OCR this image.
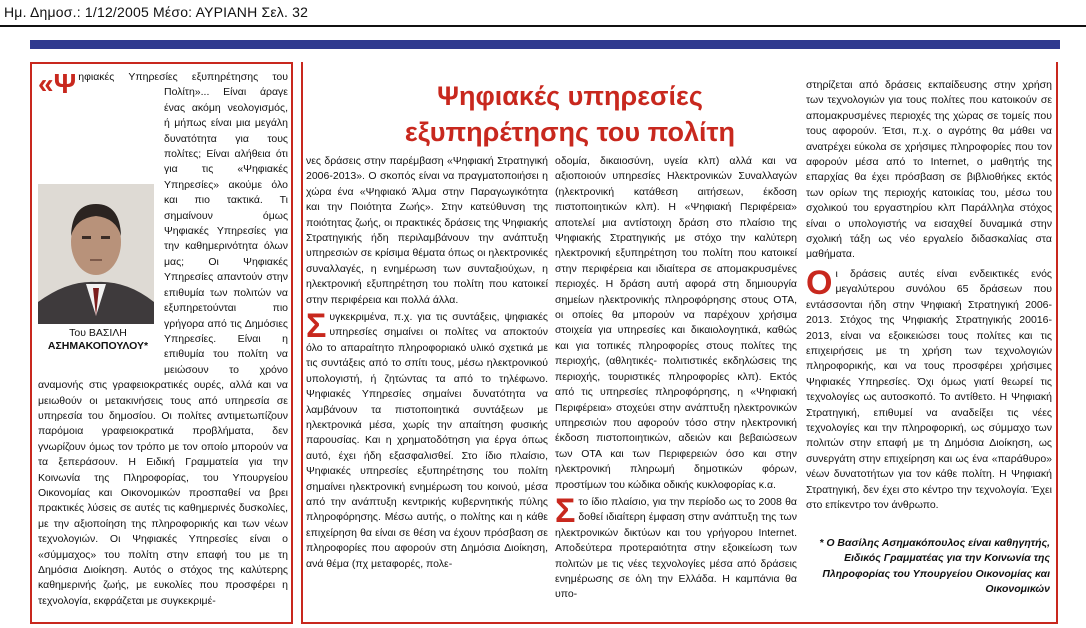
Ημ. Δημοσ.: 1/12/2005 Μέσο: ΑΥΡΙΑΝΗ Σελ. 32
«Ψ
Του ΒΑΣΙΛΗ
ΑΣΗΜΑΚΟΠΟΥΛΟΥ*

ηφιακές Υπηρεσίες εξυπηρέτησης του Πολίτη»... Είναι άραγε ένας ακόμη νεολογισμός, ή μήπως είναι μια μεγάλη δυνατότητα για τους πολίτες; Είναι αλήθεια ότι για τις «Ψηφιακές Υπηρεσίες» ακούμε όλο και πιο τακτικά. Τι σημαίνουν όμως Ψηφιακές Υπηρεσίες για την καθημερινότητα όλων μας; Οι Ψηφιακές Υπηρεσίες απαντούν στην επιθυμία των πολιτών να εξυπηρετούνται πιο γρήγορα από τις Δημόσιες Υπηρεσίες. Είναι η επιθυμία του πολίτη να μειώσουν το χρόνο αναμονής στις γραφειοκρατικές ουρές, αλλά και να μειωθούν οι μετακινήσεις τους από υπηρεσία σε υπηρεσία του δημοσίου. Οι πολίτες αντιμετωπίζουν παρόμοια γραφειοκρατικά προβλήματα, δεν γνωρίζουν όμως τον τρόπο με τον οποίο μπορούν να τα ξεπεράσουν. Η Ειδική Γραμματεία για την Κοινωνία της Πληροφορίας, του Υπουργείου Οικονομίας και Οικονομικών προσπαθεί να βρει πρακτικές λύσεις σε αυτές τις καθημερινές δυσκολίες, με την αξιοποίηση της πληροφορικής και των νέων τεχνολογιών. Οι Ψηφιακές Υπηρεσίες είναι ο «σύμμαχος» του πολίτη στην επαφή του με τη Δημόσια Διοίκηση. Αυτός ο στόχος της καλύτερης καθημερινής ζωής, με ευκολίες που προσφέρει η τεχνολογία, εκφράζεται με συγκεκριμέ-

Ψηφιακές υπηρεσίες
εξυπηρέτησης του πολίτη

νες δράσεις στην παρέμβαση «Ψηφιακή Στρατηγική 2006-2013». Ο σκοπός είναι να πραγματοποιήσει η χώρα ένα «Ψηφιακό Άλμα στην Παραγωγικότητα και την Ποιότητα Ζωής». Στην κατεύθυνση της ποιότητας ζωής, οι πρακτικές δράσεις της Ψηφιακής Στρατηγικής ήδη περιλαμβάνουν την ανάπτυξη υπηρεσιών σε κρίσιμα θέματα όπως οι ηλεκτρονικές συναλλαγές, η ενημέρωση των συνταξιούχων, η ηλεκτρονική εξυπηρέτηση του πολίτη που κατοικεί στην περιφέρεια και πολλά άλλα.

Συγκεκριμένα, π.χ. για τις συντάξεις, ψηφιακές υπηρεσίες σημαίνει οι πολίτες να αποκτούν όλο το απαραίτητο πληροφοριακό υλικό σχετικά με τις συντάξεις από το σπίτι τους, μέσω ηλεκτρονικού υπολογιστή, ή ζητώντας τα από το τηλέφωνο. Ψηφιακές Υπηρεσίες σημαίνει δυνατότητα να λαμβάνουν τα πιστοποιητικά συντάξεων με ηλεκτρονικά μέσα, χωρίς την απαίτηση φυσικής παρουσίας. Και η χρηματοδότηση για έργα όπως αυτό, έχει ήδη εξασφαλισθεί. Στο ίδιο πλαίσιο, Ψηφιακές υπηρεσίες εξυπηρέτησης του πολίτη σημαίνει ηλεκτρονική ενημέρωση του κοινού, μέσα από την ανάπτυξη κεντρικής κυβερνητικής πύλης πληροφόρησης. Μέσω αυτής, ο πολίτης και η κάθε επιχείρηση θα είναι σε θέση να έχουν πρόσβαση σε πληροφορίες που αφορούν στη Δημόσια Διοίκηση, ανά θέμα (πχ μεταφορές, πολε-

οδομία, δικαιοσύνη, υγεία κλπ) αλλά και να αξιοποιούν υπηρεσίες Ηλεκτρονικών Συναλλαγών (ηλεκτρονική κατάθεση αιτήσεων, έκδοση πιστοποιητικών κλπ). Η «Ψηφιακή Περιφέρεια» αποτελεί μια αντίστοιχη δράση στο πλαίσιο της Ψηφιακής Στρατηγικής με στόχο την καλύτερη ηλεκτρονική εξυπηρέτηση του πολίτη που κατοικεί στην περιφέρεια και ιδιαίτερα σε απομακρυσμένες περιοχές. Η δράση αυτή αφορά στη δημιουργία σημείων ηλεκτρονικής πληροφόρησης στους ΟΤΑ, οι οποίες θα μπορούν να παρέχουν χρήσιμα στοιχεία για υπηρεσίες και δικαιολογητικά, καθώς και για τοπικές πληροφορίες στους πολίτες της περιοχής, (αθλητικές- πολιτιστικές εκδηλώσεις της περιοχής, τουριστικές πληροφορίες κλπ). Εκτός από τις υπηρεσίες πληροφόρησης, η «Ψηφιακή Περιφέρεια» στοχεύει στην ανάπτυξη ηλεκτρονικών υπηρεσιών που αφορούν τόσο στην ηλεκτρονική έκδοση πιστοποιητικών, αδειών και βεβαιώσεων των ΟΤΑ και των Περιφερειών όσο και στην ηλεκτρονική πληρωμή δημοτικών φόρων, προστίμων του κώδικα οδικής κυκλοφορίας κ.α.

Στο ίδιο πλαίσιο, για την περίοδο ως το 2008 θα δοθεί ιδιαίτερη έμφαση στην ανάπτυξη της των ηλεκτρονικών δικτύων και του γρήγορου Internet. Αποδεύτερα προτεραιότητα στην εξοικείωση των πολιτών με τις νέες τεχνολογίες μέσα από δράσεις ενημέρωσης σε όλη την Ελλάδα. Η καμπάνια θα υπο-

στηρίζεται από δράσεις εκπαίδευσης στην χρήση των τεχνολογιών για τους πολίτες που κατοικούν σε απομακρυσμένες περιοχές της χώρας σε τομείς που τους αφορούν. Έτσι, π.χ. ο αγρότης θα μάθει να ανατρέχει εύκολα σε χρήσιμες πληροφορίες που τον αφορούν μέσα από το Internet, ο μαθητής της επαρχίας θα έχει πρόσβαση σε βιβλιοθήκες εκτός των ορίων της περιοχής κατοικίας του, μέσω του σχολικού του εργαστηρίου κλπ Παράλληλα στόχος είναι ο υπολογιστής να εισαχθεί δυναμικά στην σχολική τάξη ως νέο εργαλείο διδασκαλίας στα μαθήματα.

Οι δράσεις αυτές είναι ενδεικτικές ενός μεγαλύτερου συνόλου 65 δράσεων που εντάσσονται ήδη στην Ψηφιακή Στρατηγική 2006-2013. Στόχος της Ψηφιακής Στρατηγικής 20016-2013, είναι να εξοικειώσει τους πολίτες και τις επιχειρήσεις με τη χρήση των τεχνολογιών πληροφορικής, και να τους προσφέρει χρήσιμες Ψηφιακές Υπηρεσίες. Όχι όμως γιατί θεωρεί τις τεχνολογίες ως αυτοσκοπό. Το αντίθετο. Η Ψηφιακή Στρατηγική, επιθυμεί να αναδείξει τις νέες τεχνολογίες και την πληροφορική, ως σύμμαχο των πολιτών στην επαφή με τη Δημόσια Διοίκηση, ως συνεργάτη στην επιχείρηση και ως ένα «παράθυρο» νέων δυνατοτήτων για τον κάθε πολίτη. Η Ψηφιακή Στρατηγική, δεν έχει στο κέντρο την τεχνολογία. Έχει στο επίκεντρο τον άνθρωπο.

* Ο Βασίλης Ασημακόπουλος είναι καθηγητής, Ειδικός Γραμματέας για την Κοινωνία της Πληροφορίας του Υπουργείου Οικονομίας και Οικονομικών
